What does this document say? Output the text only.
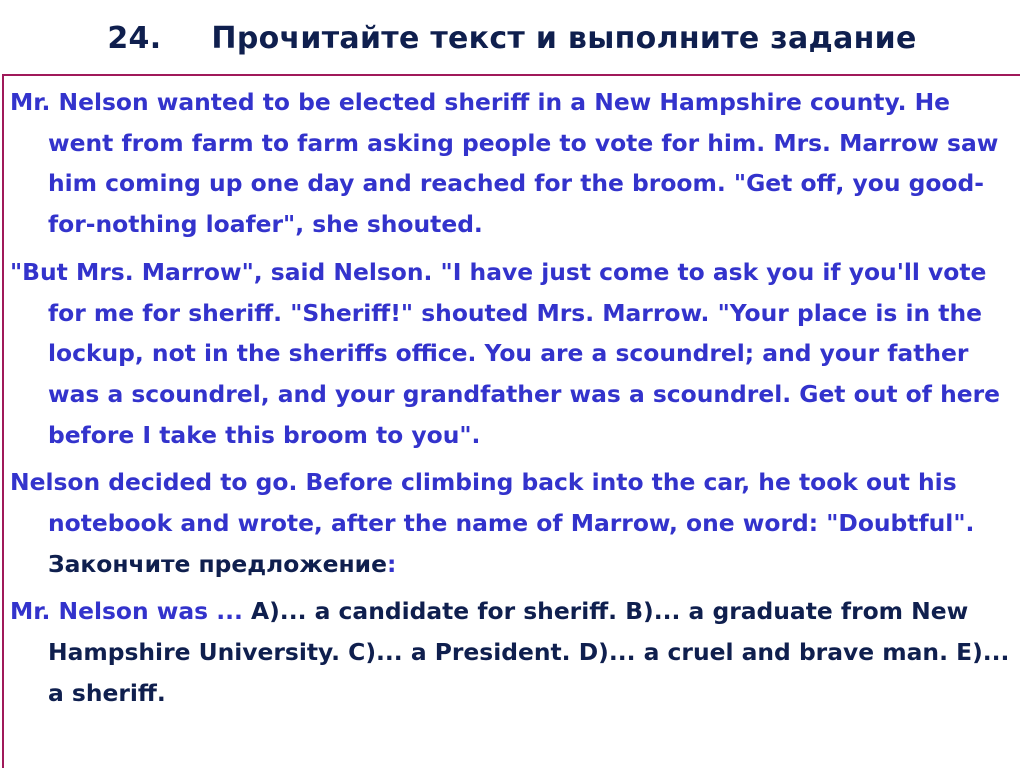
24. Прочитайте текст и выполните задание

Mr. Nelson wanted to be elected sheriff in a New Hampshire county. He went from farm to farm asking people to vote for him. Mrs. Marrow saw him coming up one day and reached for the broom. "Get off, you good-for-nothing loafer", she shouted.

"But Mrs. Marrow", said Nelson. "I have just come to ask you if you'll vote for me for sheriff. "Sheriff!" shouted Mrs. Marrow. "Your place is in the lockup, not in the sheriffs office. You are a scoundrel; and your father was a scoundrel, and your grandfather was a scoundrel. Get out of here before I take this broom to you".

Nelson decided to go. Before climbing back into the car, he took out his notebook and wrote, after the name of Marrow, one word: "Doubtful". Закончите предложение:

Mr. Nelson was ... A)... a candidate for sheriff. B)... a graduate from New Hampshire University. C)... a President. D)... a cruel and brave man. E)... a sheriff.
